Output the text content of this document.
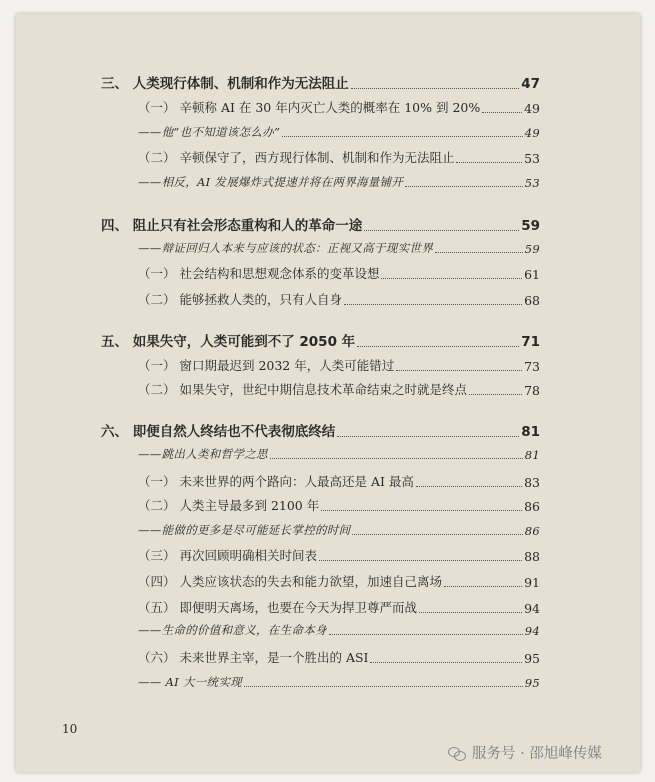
三、 人类现行体制、机制和作为无法阻止	47
（一） 辛顿称 AI 在 30 年内灭亡人类的概率在 10% 到 20%	49
——他“也不知道该怎么办”	49
（二） 辛顿保守了，西方现行体制、机制和作为无法阻止	53
——相反，AI 发展爆炸式提速并将在两界海量铺开	53
四、 阻止只有社会形态重构和人的革命一途	59
——辩证回归人本来与应该的状态：正视又高于现实世界	59
（一） 社会结构和思想观念体系的变革设想	61
（二） 能够拯救人类的，只有人自身	68
五、 如果失守，人类可能到不了 2050 年	71
（一） 窗口期最迟到 2032 年，人类可能错过	73
（二） 如果失守，世纪中期信息技术革命结束之时就是终点	78
六、 即便自然人终结也不代表彻底终结	81
——跳出人类和哲学之思	81
（一） 未来世界的两个路向：人最高还是 AI 最高	83
（二） 人类主导最多到 2100 年	86
——能做的更多是尽可能延长掌控的时间	86
（三） 再次回顾明确相关时间表	88
（四） 人类应该状态的失去和能力欲望，加速自己离场	91
（五） 即便明天离场，也要在今天为捍卫尊严而战	94
——生命的价值和意义，在生命本身	94
（六） 未来世界主宰，是一个胜出的 ASI	95
—— AI 大一统实现	95
10
服务号 · 邵旭峰传媒
